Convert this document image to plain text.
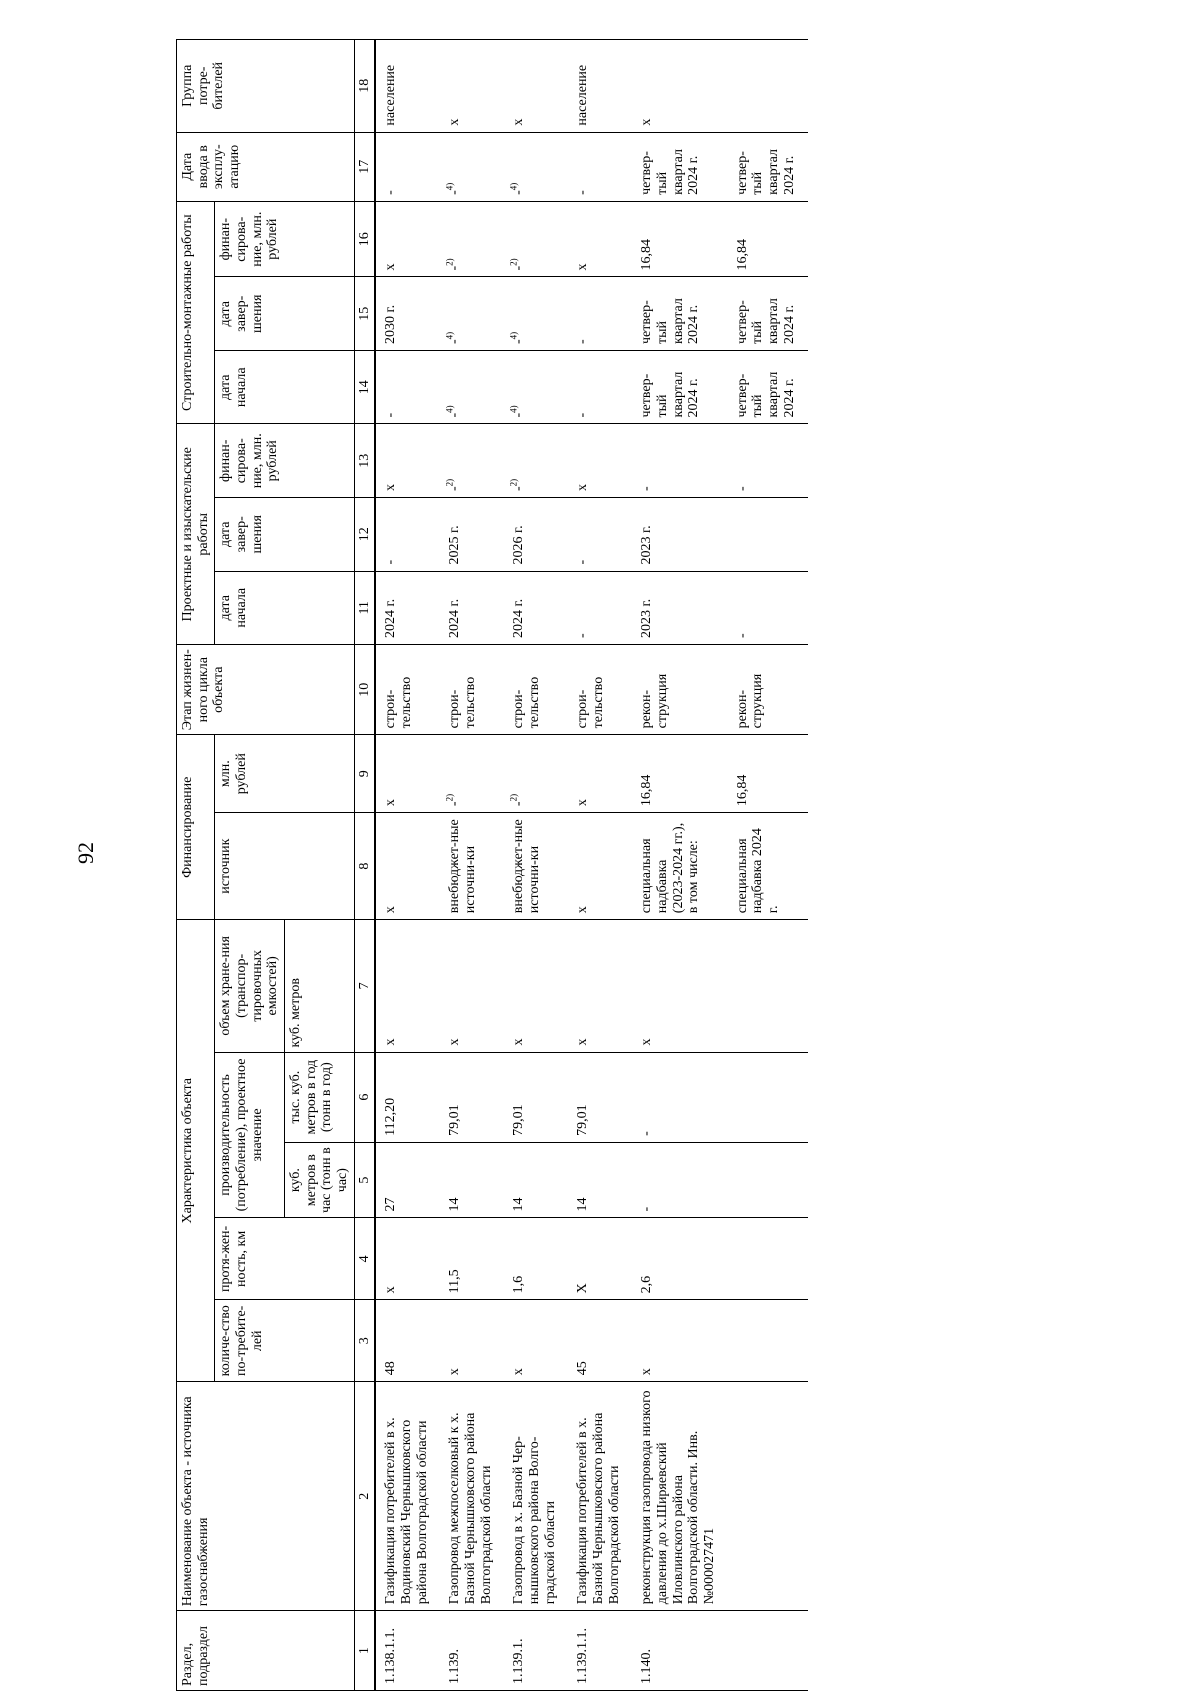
92
Раздел, подраздел	Наименование объекта - источника газоснабжения	Характеристика объекта					Финансирование		Этап жизнен-ного цикла объекта	Проектные и изыскательские работы			Строительно-монтажные работы			Дата ввода в эксплу-атацию	Группа потре-бителей
		количе-ство по-требите-лей	протя-жен-ность, км	производительность (потребление), проектное значение		объем хране-ния (транспор-тировочных емкостей)	источник	млн. рублей		дата начала	дата завер-шения	финан-сирова-ние, млн. рублей	дата начала	дата завер-шения	финан-сирова-ние, млн. рублей		
				куб. метров в час (тонн в час)	тыс. куб. метров в год (тонн в год)	куб. метров											
1	2	3	4	5	6	7	8	9	10	11	12	13	14	15	16	17	18
1.138.1.1.	Газификация потребителей в х. Водиновский Чернышковского района Волгоградской области	48	x	27	112,20	x	x	x	строи-тельство	2024 г.	-	x	-	2030 г.	x	-	население
1.139.	Газопровод межпоселковый к х. Базной Чернышковского района Волгоградской области	x	11,5	14	79,01	x	внебюджет-ные источни-ки	-$^{2)}$	строи-тельство	2024 г.	2025 г.	-$^{2)}$	-$^{4)}$	-$^{4)}$	-$^{2)}$	-$^{4)}$	x
1.139.1.	Газопровод в х. Базной Чер-нышковского района Волго-градской области	x	1,6	14	79,01	x	внебюджет-ные источни-ки	-$^{2)}$	строи-тельство	2024 г.	2026 г.	-$^{2)}$	-$^{4)}$	-$^{4)}$	-$^{2)}$	-$^{4)}$	x
1.139.1.1.	Газификация потребителей в х. Базной Чернышковского района Волгоградской области	45	X	14	79,01	x	x	x	строи-тельство	-	-	x	-	-	x	-	население
1.140.	реконструкция газопровода низкого давления до х.Ширяевский Иловлинского района Волгоградской области. Инв.№000027471	x	2,6	-	-	x	специальная надбавка (2023-2024 гг.), в том числе:	16,84	рекон-струкция	2023 г.	2023 г.	-	четвер-тый квартал 2024 г.	четвер-тый квартал 2024 г.	16,84	четвер-тый квартал 2024 г.	x
							специальная надбавка 2024 г.	16,84	рекон-струкция	-		-	четвер-тый квартал 2024 г.	четвер-тый квартал 2024 г.	16,84	четвер-тый квартал 2024 г.	
